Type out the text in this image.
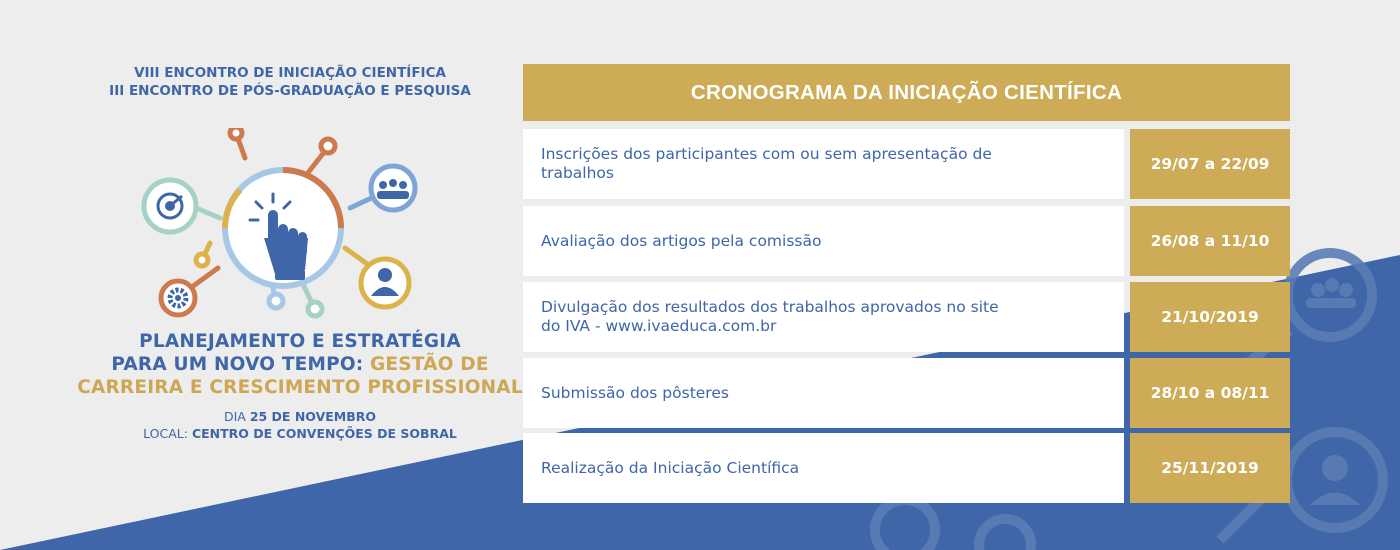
VIII ENCONTRO DE INICIAÇÃO CIENTÍFICA
III ENCONTRO DE PÓS-GRADUAÇÃO E PESQUISA
PLANEJAMENTO E ESTRATÉGIA
PARA UM NOVO TEMPO: GESTÃO DE
CARREIRA E CRESCIMENTO PROFISSIONAL
DIA 25 DE NOVEMBRO
LOCAL: CENTRO DE CONVENÇÕES DE SOBRAL
CRONOGRAMA DA INICIAÇÃO CIENTÍFICA
Inscrições dos participantes com ou sem apresentação de trabalhos	29/07 a 22/09
Avaliação dos artigos pela comissão	26/08 a 11/10
Divulgação dos resultados dos trabalhos aprovados no site do IVA - www.ivaeduca.com.br	21/10/2019
Submissão dos pôsteres	28/10 a 08/11
Realização da Iniciação Científica	25/11/2019
